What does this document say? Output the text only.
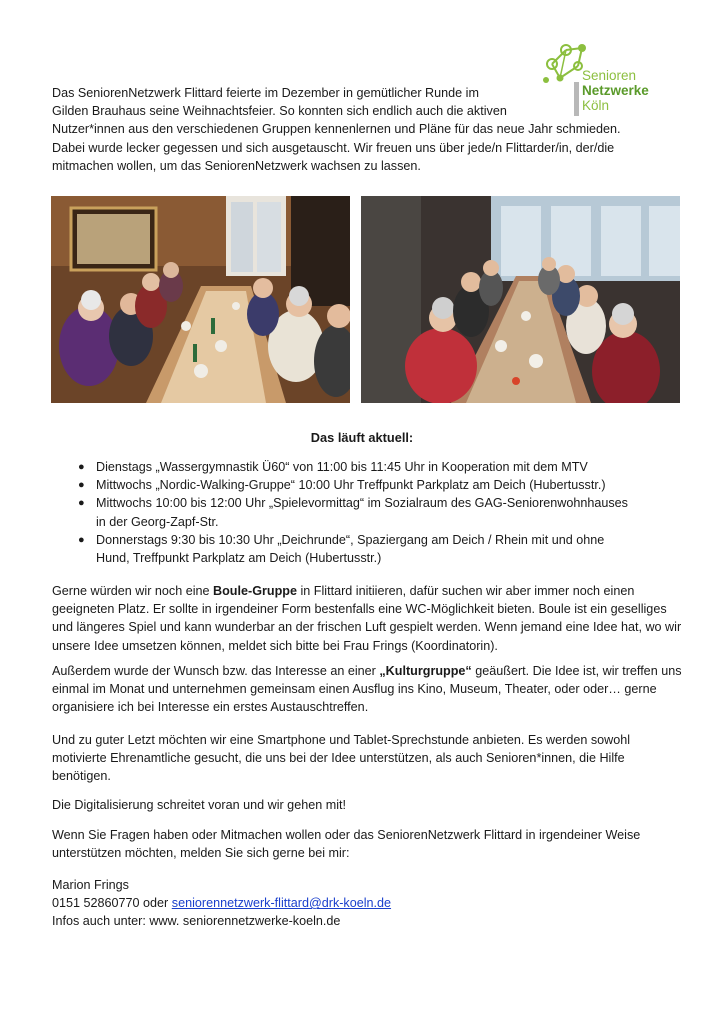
Senioren
Netzwerke
Köln

Das SeniorenNetzwerk Flittard feierte im Dezember in gemütlicher Runde im

Gilden Brauhaus seine Weihnachtsfeier. So konnten sich endlich auch die aktiven

Nutzer*innen aus den verschiedenen Gruppen kennenlernen und Pläne für das neue Jahr schmieden.

Dabei wurde lecker gegessen und sich ausgetauscht. Wir freuen uns über jede/n Flittarder/in, der/die

mitmachen wollen, um das SeniorenNetzwerk wachsen zu lassen.

Das läuft aktuell:
● Dienstags „Wassergymnastik Ü60“ von 11:00 bis 11:45 Uhr in Kooperation mit dem MTV
● Mittwochs „Nordic-Walking-Gruppe“ 10:00 Uhr Treffpunkt Parkplatz am Deich (Hubertusstr.)
● Mittwochs 10:00 bis 12:00 Uhr „Spielevormittag“ im Sozialraum des GAG-Seniorenwohnhauses
in der Georg-Zapf-Str.
● Donnerstags 9:30 bis 10:30 Uhr „Deichrunde“, Spaziergang am Deich / Rhein mit und ohne
Hund, Treffpunkt Parkplatz am Deich (Hubertusstr.)

Gerne würden wir noch eine Boule-Gruppe in Flittard initiieren, dafür suchen wir aber immer noch einen geeigneten Platz. Er sollte in irgendeiner Form bestenfalls eine WC-Möglichkeit bieten. Boule ist ein geselliges und längeres Spiel und kann wunderbar an der frischen Luft gespielt werden. Wenn jemand eine Idee hat, wo wir unsere Idee umsetzen können, meldet sich bitte bei Frau Frings (Koordinatorin).

Außerdem wurde der Wunsch bzw. das Interesse an einer „Kulturgruppe“ geäußert. Die Idee ist, wir treffen uns einmal im Monat und unternehmen gemeinsam einen Ausflug ins Kino, Museum, Theater, oder oder… gerne organisiere ich bei Interesse ein erstes Austauschtreffen.

Und zu guter Letzt möchten wir eine Smartphone und Tablet-Sprechstunde anbieten. Es werden sowohl motivierte Ehrenamtliche gesucht, die uns bei der Idee unterstützen, als auch Senioren*innen, die Hilfe benötigen.

Die Digitalisierung schreitet voran und wir gehen mit!

Wenn Sie Fragen haben oder Mitmachen wollen oder das SeniorenNetzwerk Flittard in irgendeiner Weise unterstützen möchten, melden Sie sich gerne bei mir:

Marion Frings

0151 52860770 oder seniorennetzwerk-flittard@drk-koeln.de

Infos auch unter: www. seniorennetzwerke-koeln.de
